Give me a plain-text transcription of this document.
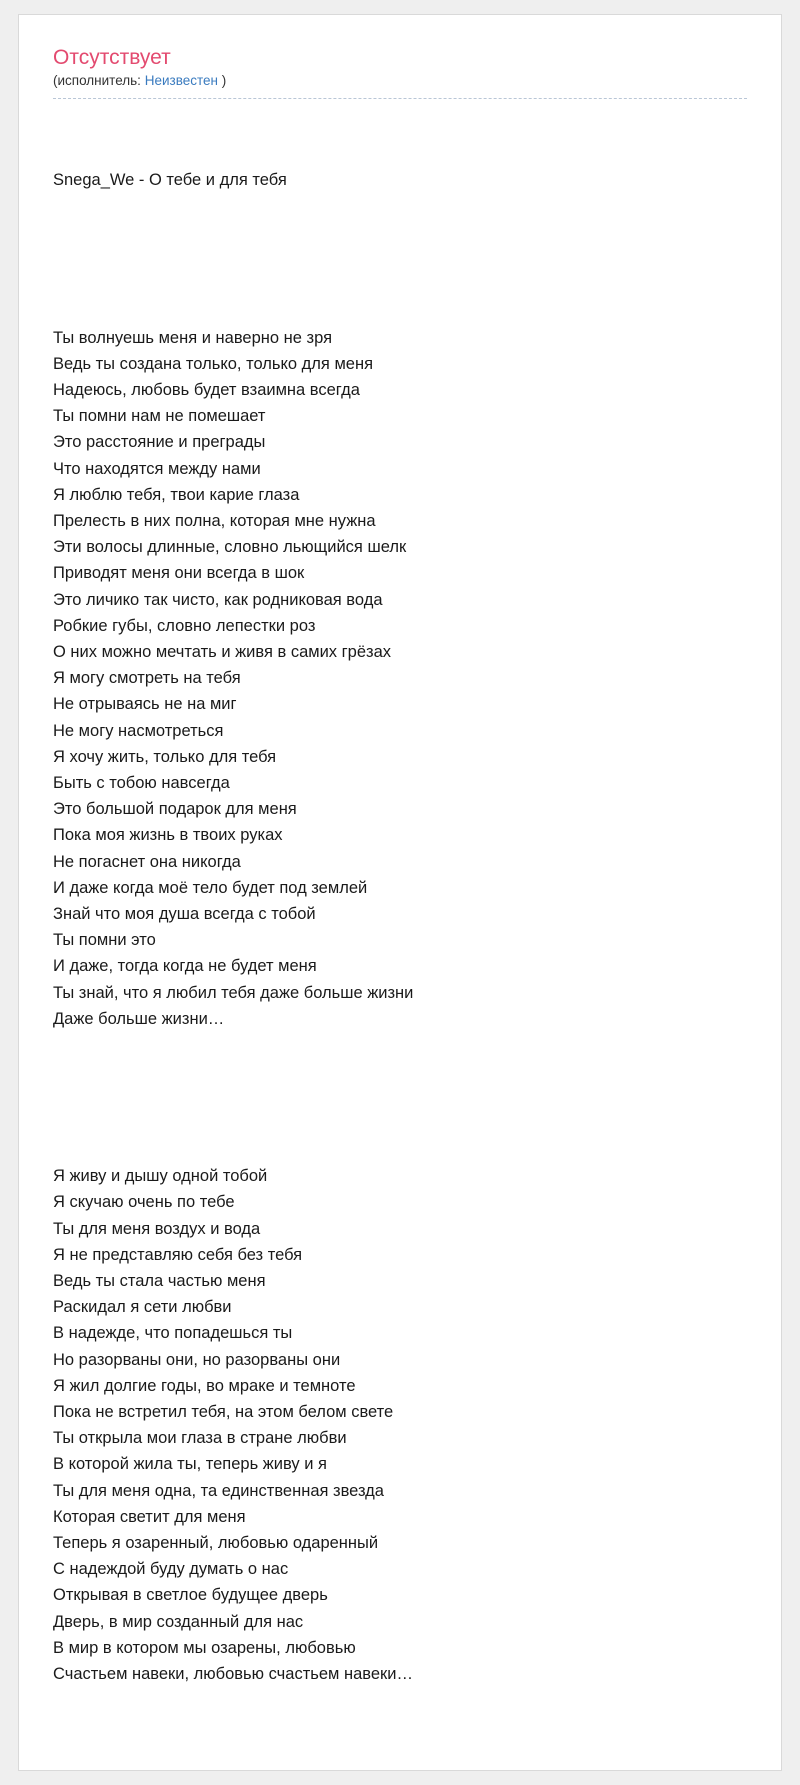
Отсутствует
(исполнитель: Неизвестен )

Snega_We - О тебе и для тебя

Ты волнуешь меня и наверно не зря
Ведь ты создана только, только для меня
Надеюсь, любовь будет взаимна всегда
Ты помни нам не помешает
Это расстояние и преграды
Что находятся между нами
Я люблю тебя, твои карие глаза
Прелесть в них полна, которая мне нужна
Эти волосы длинные, словно льющийся шелк
Приводят меня они всегда в шок
Это личико так чисто, как родниковая вода
Робкие губы, словно лепестки роз
О них можно мечтать и живя в самих грёзах
Я могу смотреть на тебя
Не отрываясь не на миг
Не могу насмотреться
Я хочу жить, только для тебя
Быть с тобою навсегда
Это большой подарок для меня
Пока моя жизнь в твоих руках
Не погаснет она никогда
И даже когда моё тело будет под землей
Знай что моя душа всегда с тобой
Ты помни это
И даже, тогда когда не будет меня
Ты знай, что я любил тебя даже больше жизни
Даже больше жизни…

Я живу и дышу одной тобой
Я скучаю очень по тебе
Ты для меня воздух и вода
Я не представляю себя без тебя
Ведь ты стала частью меня
Раскидал я сети любви
В надежде, что попадешься ты
Но разорваны они, но разорваны они
Я жил долгие годы, во мраке и темноте
Пока не встретил тебя, на этом белом свете
Ты открыла мои глаза в стране любви
В которой жила ты, теперь живу и я
Ты для меня одна, та единственная звезда
Которая светит для меня
Теперь я озаренный, любовью одаренный
С надеждой буду думать о нас
Открывая в светлое будущее дверь
Дверь, в мир созданный для нас
В мир в котором мы озарены, любовью
Счастьем навеки, любовью счастьем навеки…
